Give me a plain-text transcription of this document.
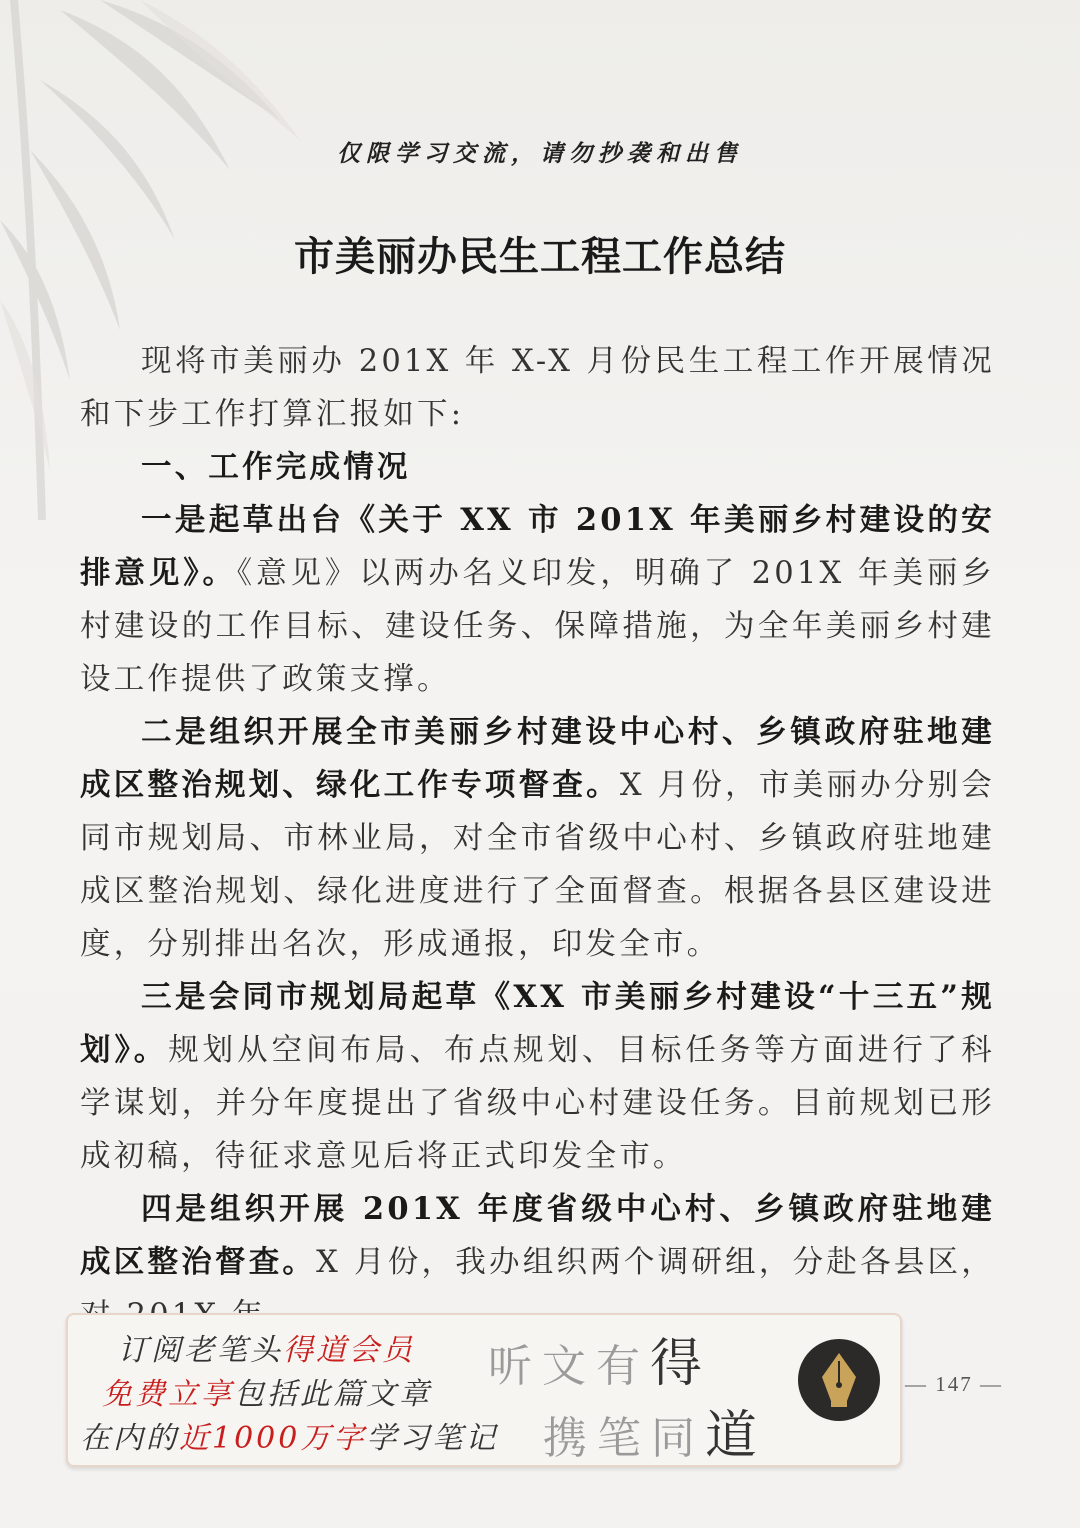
仅限学习交流，请勿抄袭和出售
市美丽办民生工程工作总结

现将市美丽办 201X 年 X-X 月份民生工程工作开展情况和下步工作打算汇报如下:

一、工作完成情况

一是起草出台《关于 XX 市 201X 年美丽乡村建设的安排意见》。《意见》以两办名义印发，明确了 201X 年美丽乡村建设的工作目标、建设任务、保障措施，为全年美丽乡村建设工作提供了政策支撑。

二是组织开展全市美丽乡村建设中心村、乡镇政府驻地建成区整治规划、绿化工作专项督查。X 月份，市美丽办分别会同市规划局、市林业局，对全市省级中心村、乡镇政府驻地建成区整治规划、绿化进度进行了全面督查。根据各县区建设进度，分别排出名次，形成通报，印发全市。

三是会同市规划局起草《XX 市美丽乡村建设“十三五”规划》。规划从空间布局、布点规划、目标任务等方面进行了科学谋划，并分年度提出了省级中心村建设任务。目前规划已形成初稿，待征求意见后将正式印发全市。

四是组织开展 201X 年度省级中心村、乡镇政府驻地建成区整治督查。X 月份，我办组织两个调研组，分赴各县区，

订阅老笔头得道会员
免费立享包括此篇文章
在内的近1000万字学习笔记
听文有得
携笔同道
— 147 —
